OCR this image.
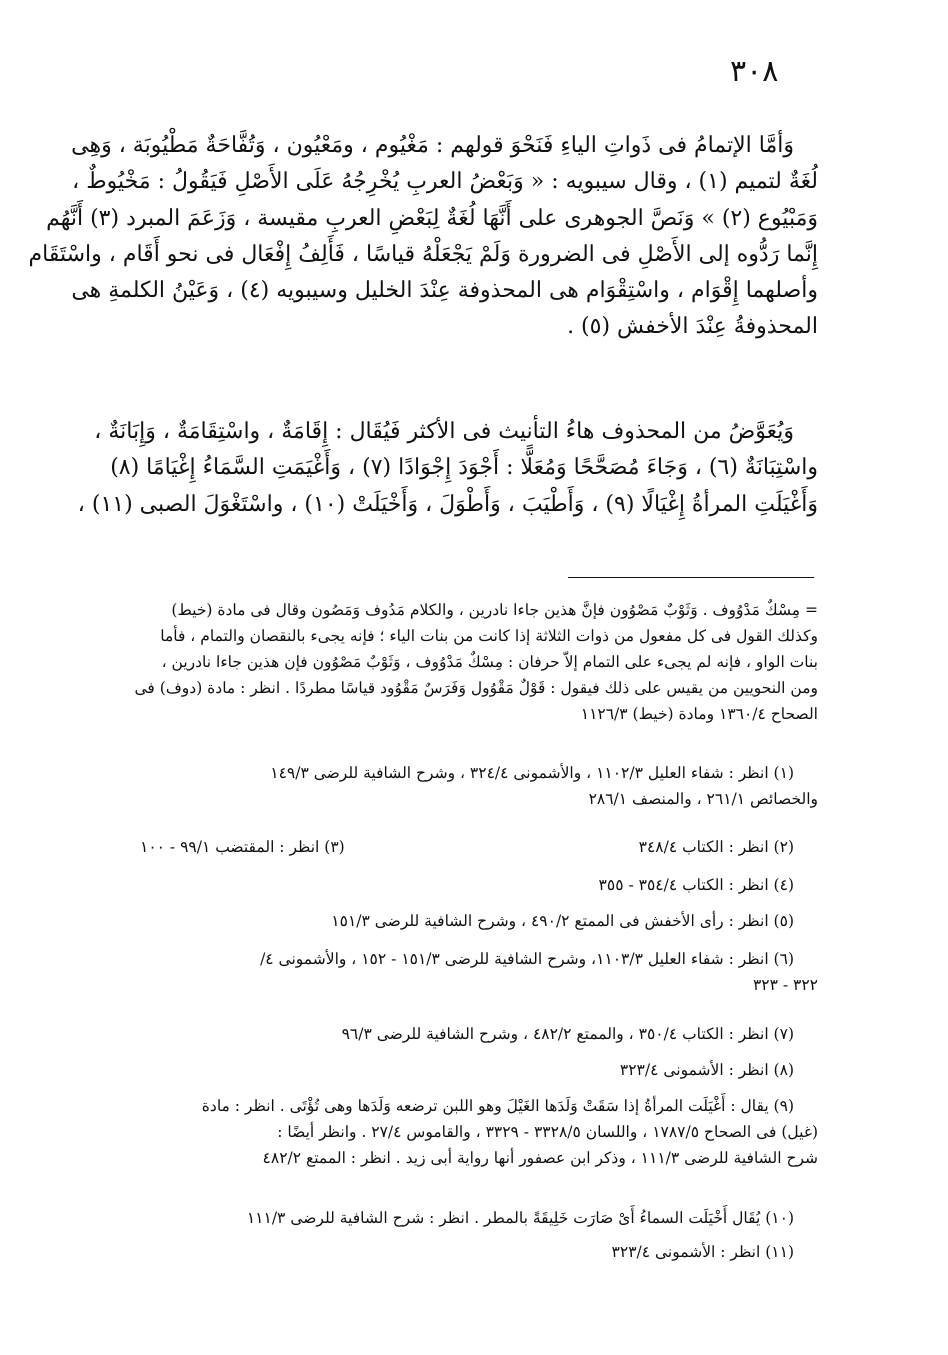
٣٠٨
وَأمَّا الإتمامُ فى ذَواتِ الياءِ فَنَحْوَ قولهم : مَغْيُوم ، ومَعْيُون ، وَتُفَّاحَةٌ مَطْيُوبَة ، وَهِى
لُغَةٌ لتميم (١) ، وقال سيبويه : « وَبَعْضُ العربِ يُخْرِجُهُ عَلَى الأَصْلِ فَيَقُولُ : مَخْيُوطٌ ،
وَمَبْيُوع (٢) » وَنَصَّ الجوهرى على أَنَّهَا لُغَةٌ لِبَعْضِ العربِ مقيسة ، وَزَعَمَ المبرد (٣) أَنَّهُم
إِنَّما رَدُّوه إلى الأَصْلِ فى الضرورة وَلَمْ يَجْعَلْهُ قياسًا ، فَأَلِفُ إِفْعَال فى نحو أَقَام ، واسْتَقَام
وأصلهما إِقْوَام ، واسْتِقْوَام هى المحذوفة عِنْدَ الخليل وسيبويه (٤) ، وَعَيْنُ الكلمةِ هى
المحذوفةُ عِنْدَ الأخفش (٥) .
وَيُعَوَّضُ من المحذوف هاءُ التأنيث فى الأكثر فَيُقَال : إِقَامَةٌ ، واسْتِقَامَةٌ ، وَإِبَانَةٌ ،
واسْتِبَانَةٌ (٦) ، وَجَاءَ مُصَحَّحًا وَمُعَلًّا : أَجْوَدَ إِجْوَادًا (٧) ، وَأَغْيَمَتِ السَّمَاءُ إِغْيَامًا (٨)
وَأَغْيَلَتِ المرأةُ إِغْيَالًا (٩) ، وَأَطْيَبَ ، وَأَطْوَلَ ، وَأَخْيَلَتْ (١٠) ، واسْتَغْوَلَ الصبى (١١) ،
= مِسْكٌ مَدْوُوف . وَثَوْبٌ مَصْوُون فإنَّ هذين جاءا نادرين ، والكلام مَدُوف وَمَصُون وقال فى مادة (خيط)
وكذلك القول فى كل مفعول من ذوات الثلاثة إذا كانت من بنات الياء ؛ فإنه يجىء بالنقصان والتمام ، فأما
بنات الواو ، فإنه لم يجىء على التمام إلاّ حرفان : مِسْكٌ مَدْوُوف ، وَثَوْبٌ مَصْوُون فإن هذين جاءا نادرين ،
ومن النحويين من يقيس على ذلك فيقول : قَوْلٌ مَقْوُول وَفَرَسٌ مَقْوُود قياسًا مطردًا . انظر : مادة (دوف) فى
الصحاح ١٣٦٠/٤ ومادة (خيط) ١١٢٦/٣
(١) انظر : شفاء العليل ١١٠٢/٣ ، والأشمونى ٣٢٤/٤ ، وشرح الشافية للرضى ١٤٩/٣
والخصائص ٢٦١/١ ، والمنصف ٢٨٦/١
(٢) انظر : الكتاب ٣٤٨/٤
(٣) انظر : المقتضب ٩٩/١ - ١٠٠
(٤) انظر : الكتاب ٣٥٤/٤ - ٣٥٥
(٥) انظر : رأى الأخفش فى الممتع ٤٩٠/٢ ، وشرح الشافية للرضى ١٥١/٣
(٦) انظر : شفاء العليل ١١٠٣/٣، وشرح الشافية للرضى ١٥١/٣ - ١٥٢ ، والأشمونى ٤/
٣٢٢ - ٣٢٣
(٧) انظر : الكتاب ٣٥٠/٤ ، والممتع ٤٨٢/٢ ، وشرح الشافية للرضى ٩٦/٣
(٨) انظر : الأشمونى ٣٢٣/٤
(٩) يقال : أَغْيَلَت المرأةُ إذا سَقَتْ وَلَدَها الغَيْلَ وهو اللبن ترضعه وَلَدَها وهى تُؤْتَى . انظر : مادة
(غيل) فى الصحاح ١٧٨٧/٥ ، واللسان ٣٣٢٨/٥ - ٣٣٢٩ ، والقاموس ٢٧/٤ . وانظر أيضًا :
شرح الشافية للرضى ١١١/٣ ، وذكر ابن عصفور أنها رواية أبى زيد . انظر : الممتع ٤٨٢/٢
(١٠) يُقَال أَخْيَلَت السماءُ أَىْ صَارَت خَلِيقَةً بالمطر . انظر : شرح الشافية للرضى ١١١/٣
(١١) انظر : الأشمونى ٣٢٣/٤
